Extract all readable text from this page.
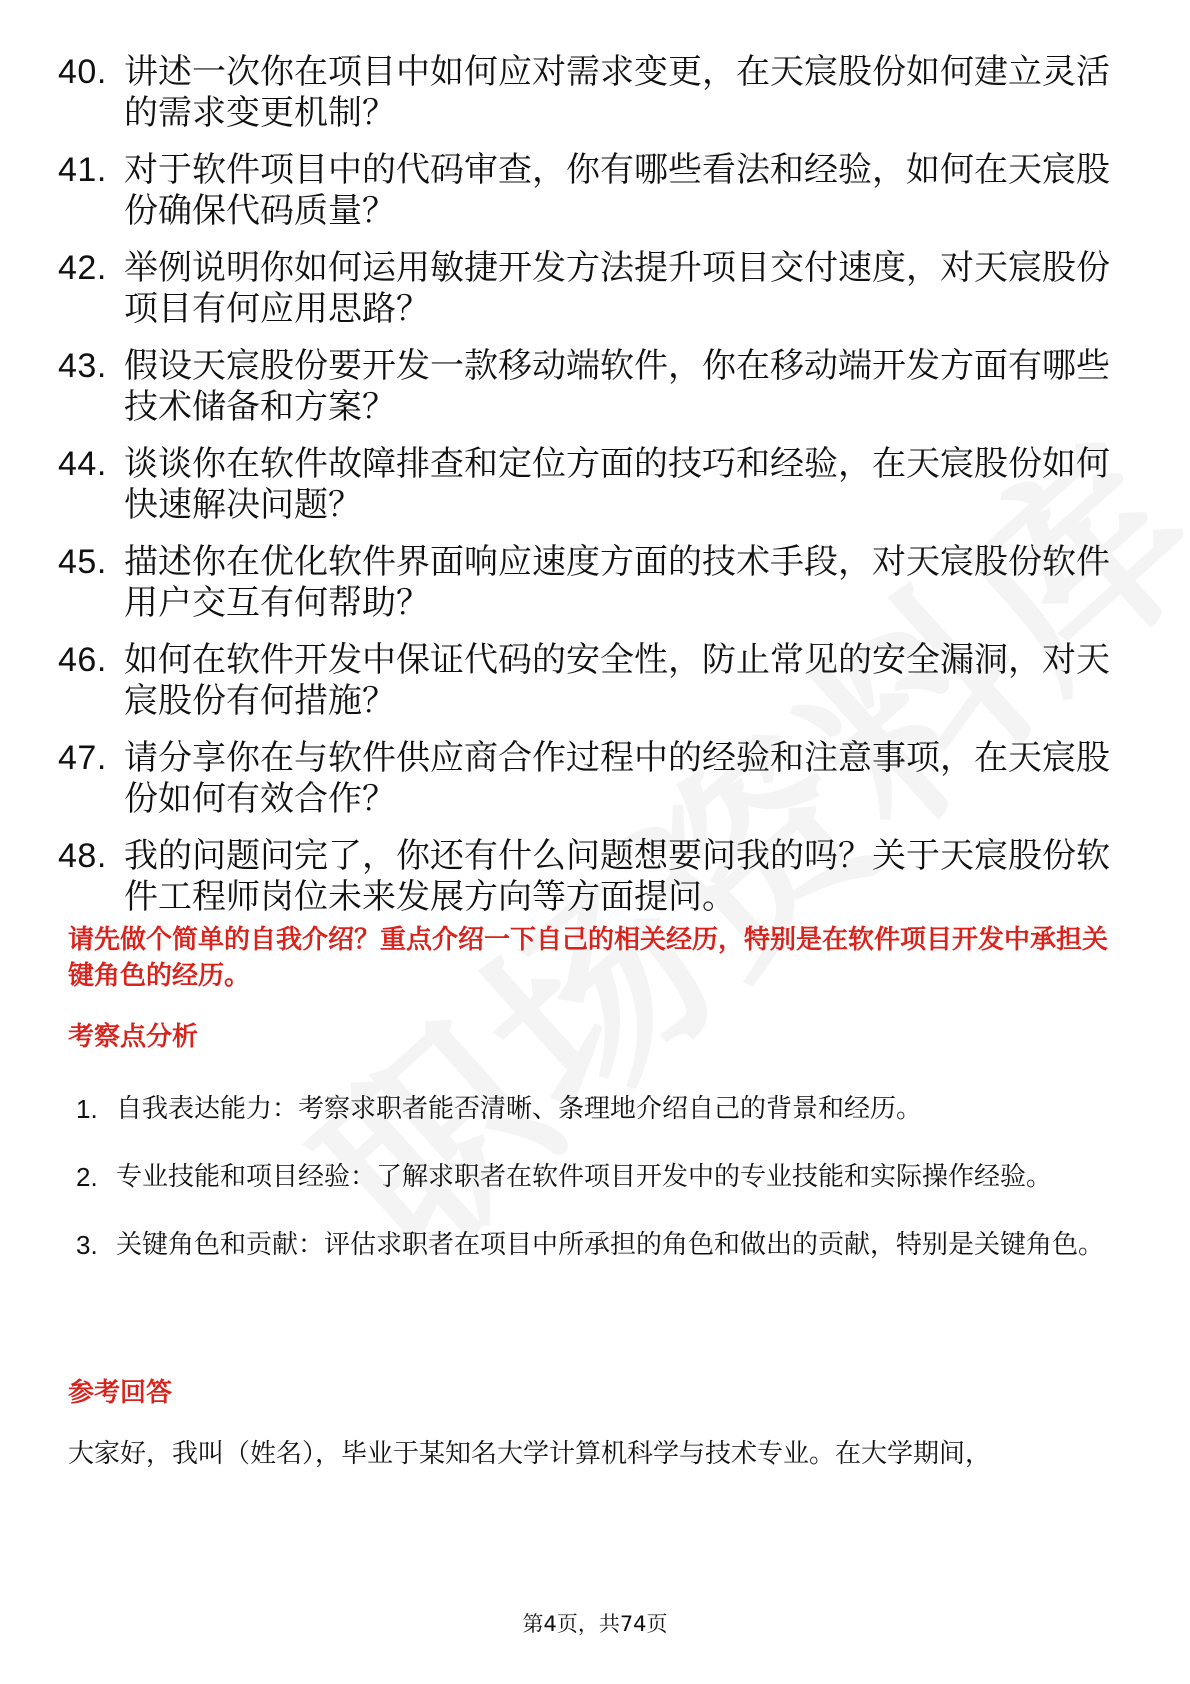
40. 讲述一次你在项目中如何应对需求变更，在天宸股份如何建立灵活的需求变更机制？
41. 对于软件项目中的代码审查，你有哪些看法和经验，如何在天宸股份确保代码质量？
42. 举例说明你如何运用敏捷开发方法提升项目交付速度，对天宸股份项目有何应用思路？
43. 假设天宸股份要开发一款移动端软件，你在移动端开发方面有哪些技术储备和方案？
44. 谈谈你在软件故障排查和定位方面的技巧和经验，在天宸股份如何快速解决问题？
45. 描述你在优化软件界面响应速度方面的技术手段，对天宸股份软件用户交互有何帮助？
46. 如何在软件开发中保证代码的安全性，防止常见的安全漏洞，对天宸股份有何措施？
47. 请分享你在与软件供应商合作过程中的经验和注意事项，在天宸股份如何有效合作？
48. 我的问题问完了，你还有什么问题想要问我的吗？关于天宸股份软件工程师岗位未来发展方向等方面提问。

请先做个简单的自我介绍？重点介绍一下自己的相关经历，特别是在软件项目开发中承担关键角色的经历。

考察点分析
1. 自我表达能力：考察求职者能否清晰、条理地介绍自己的背景和经历。
2. 专业技能和项目经验：了解求职者在软件项目开发中的专业技能和实际操作经验。
3. 关键角色和贡献：评估求职者在项目中所承担的角色和做出的贡献，特别是关键角色。
参考回答

大家好，我叫（姓名），毕业于某知名大学计算机科学与技术专业。在大学期间，

第4页，共74页
